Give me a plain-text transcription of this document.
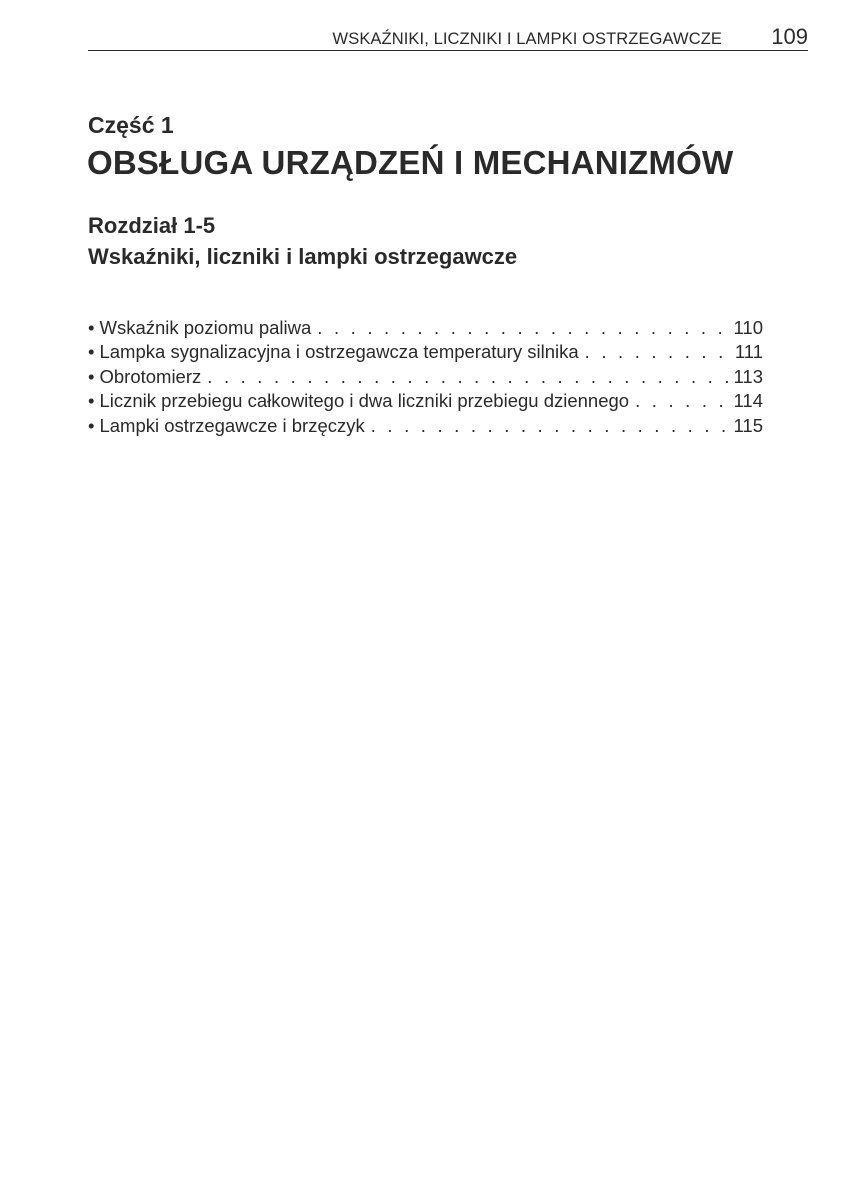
WSKAŹNIKI, LICZNIKI I LAMPKI OSTRZEGAWCZE 109
Część 1
OBSŁUGA URZĄDZEŃ I MECHANIZMÓW
Rozdział 1-5
Wskaźniki, liczniki i lampki ostrzegawcze
• Wskaźnik poziomu paliwa . . .	110
• Lampka sygnalizacyjna i ostrzegawcza temperatury silnika . . .	111
• Obrotomierz . . .	113
• Licznik przebiegu całkowitego i dwa liczniki przebiegu dziennego . . .	114
• Lampki ostrzegawcze i brzęczyk . . .	115
